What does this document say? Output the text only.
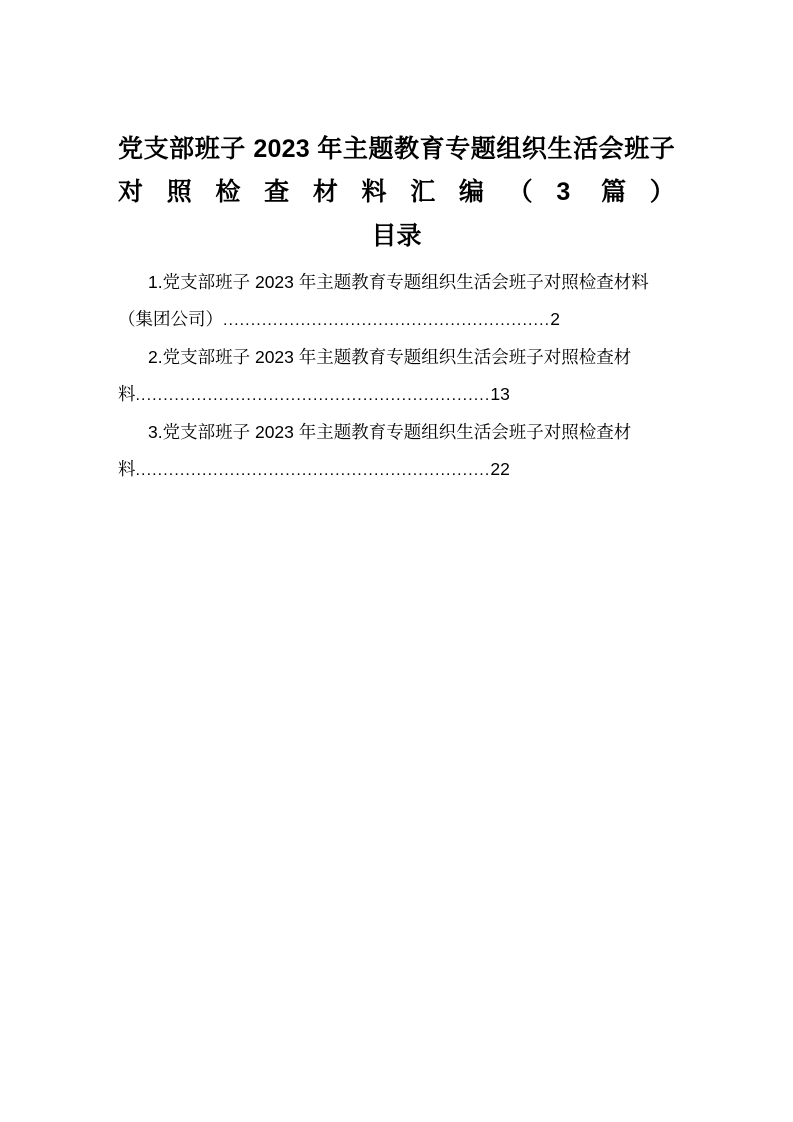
党支部班子 2023 年主题教育专题组织生活会班子对照检查材料汇编（3 篇）
目录
1.党支部班子 2023 年主题教育专题组织生活会班子对照检查材料（集团公司）...........................................................2
2.党支部班子 2023 年主题教育专题组织生活会班子对照检查材料................................................................13
3.党支部班子 2023 年主题教育专题组织生活会班子对照检查材料................................................................22
